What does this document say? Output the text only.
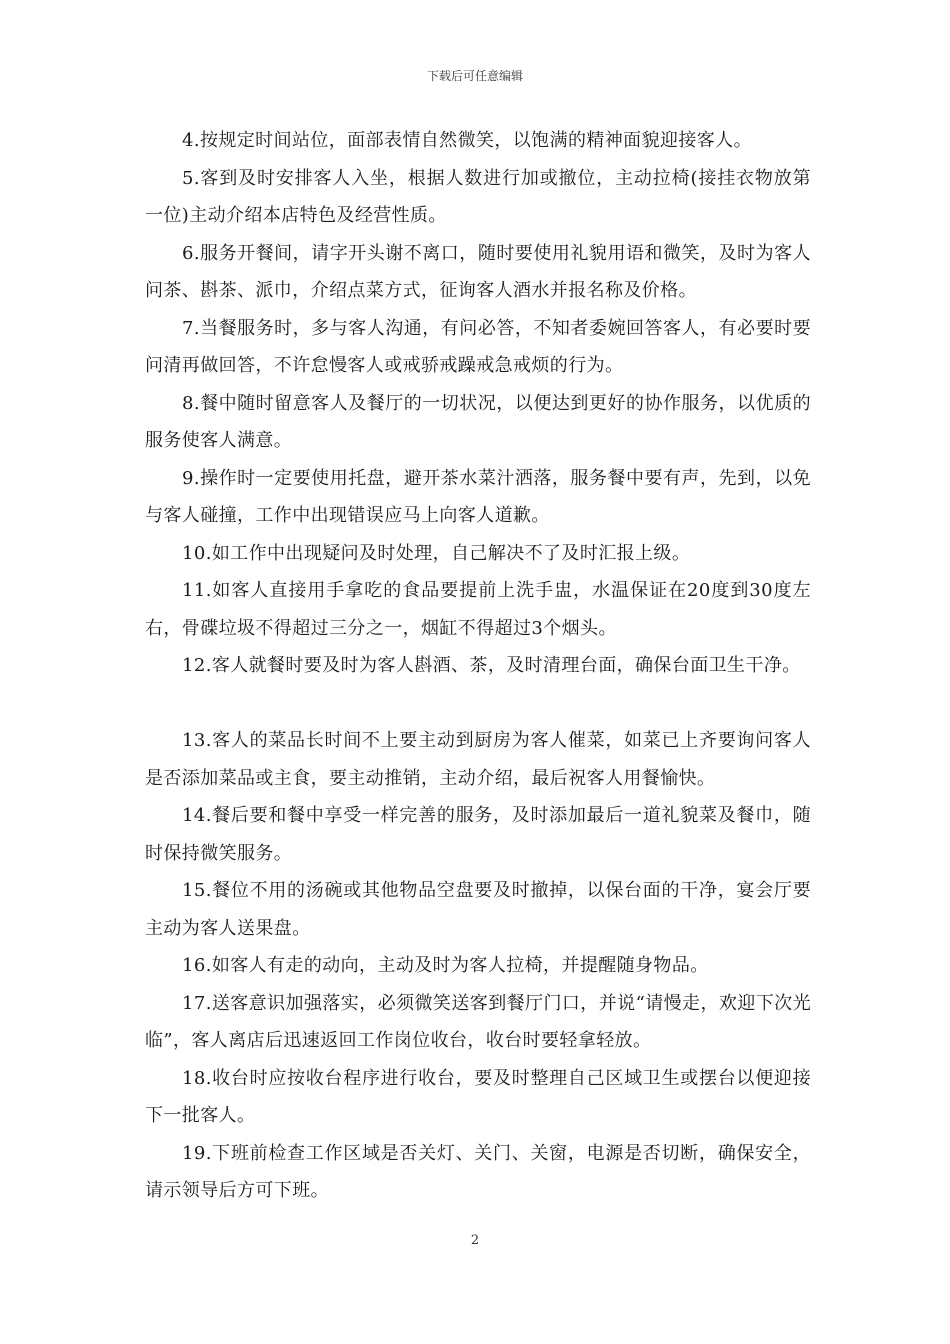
下载后可任意编辑

4.按规定时间站位，面部表情自然微笑，以饱满的精神面貌迎接客人。

5.客到及时安排客人入坐，根据人数进行加或撤位，主动拉椅(接挂衣物放第一位)主动介绍本店特色及经营性质。

6.服务开餐间，请字开头谢不离口，随时要使用礼貌用语和微笑，及时为客人问茶、斟茶、派巾，介绍点菜方式，征询客人酒水并报名称及价格。

7.当餐服务时，多与客人沟通，有问必答，不知者委婉回答客人，有必要时要问清再做回答，不许怠慢客人或戒骄戒躁戒急戒烦的行为。

8.餐中随时留意客人及餐厅的一切状况，以便达到更好的协作服务，以优质的服务使客人满意。

9.操作时一定要使用托盘，避开茶水菜汁洒落，服务餐中要有声，先到，以免与客人碰撞，工作中出现错误应马上向客人道歉。

10.如工作中出现疑问及时处理，自己解决不了及时汇报上级。

11.如客人直接用手拿吃的食品要提前上洗手盅，水温保证在20度到30度左右，骨碟垃圾不得超过三分之一，烟缸不得超过3个烟头。

12.客人就餐时要及时为客人斟酒、茶，及时清理台面，确保台面卫生干净。

13.客人的菜品长时间不上要主动到厨房为客人催菜，如菜已上齐要询问客人是否添加菜品或主食，要主动推销，主动介绍，最后祝客人用餐愉快。

14.餐后要和餐中享受一样完善的服务，及时添加最后一道礼貌菜及餐巾，随时保持微笑服务。

15.餐位不用的汤碗或其他物品空盘要及时撤掉，以保台面的干净，宴会厅要主动为客人送果盘。

16.如客人有走的动向，主动及时为客人拉椅，并提醒随身物品。

17.送客意识加强落实，必须微笑送客到餐厅门口，并说“请慢走，欢迎下次光临”，客人离店后迅速返回工作岗位收台，收台时要轻拿轻放。

18.收台时应按收台程序进行收台，要及时整理自己区域卫生或摆台以便迎接下一批客人。

19.下班前检查工作区域是否关灯、关门、关窗，电源是否切断，确保安全，请示领导后方可下班。

2
